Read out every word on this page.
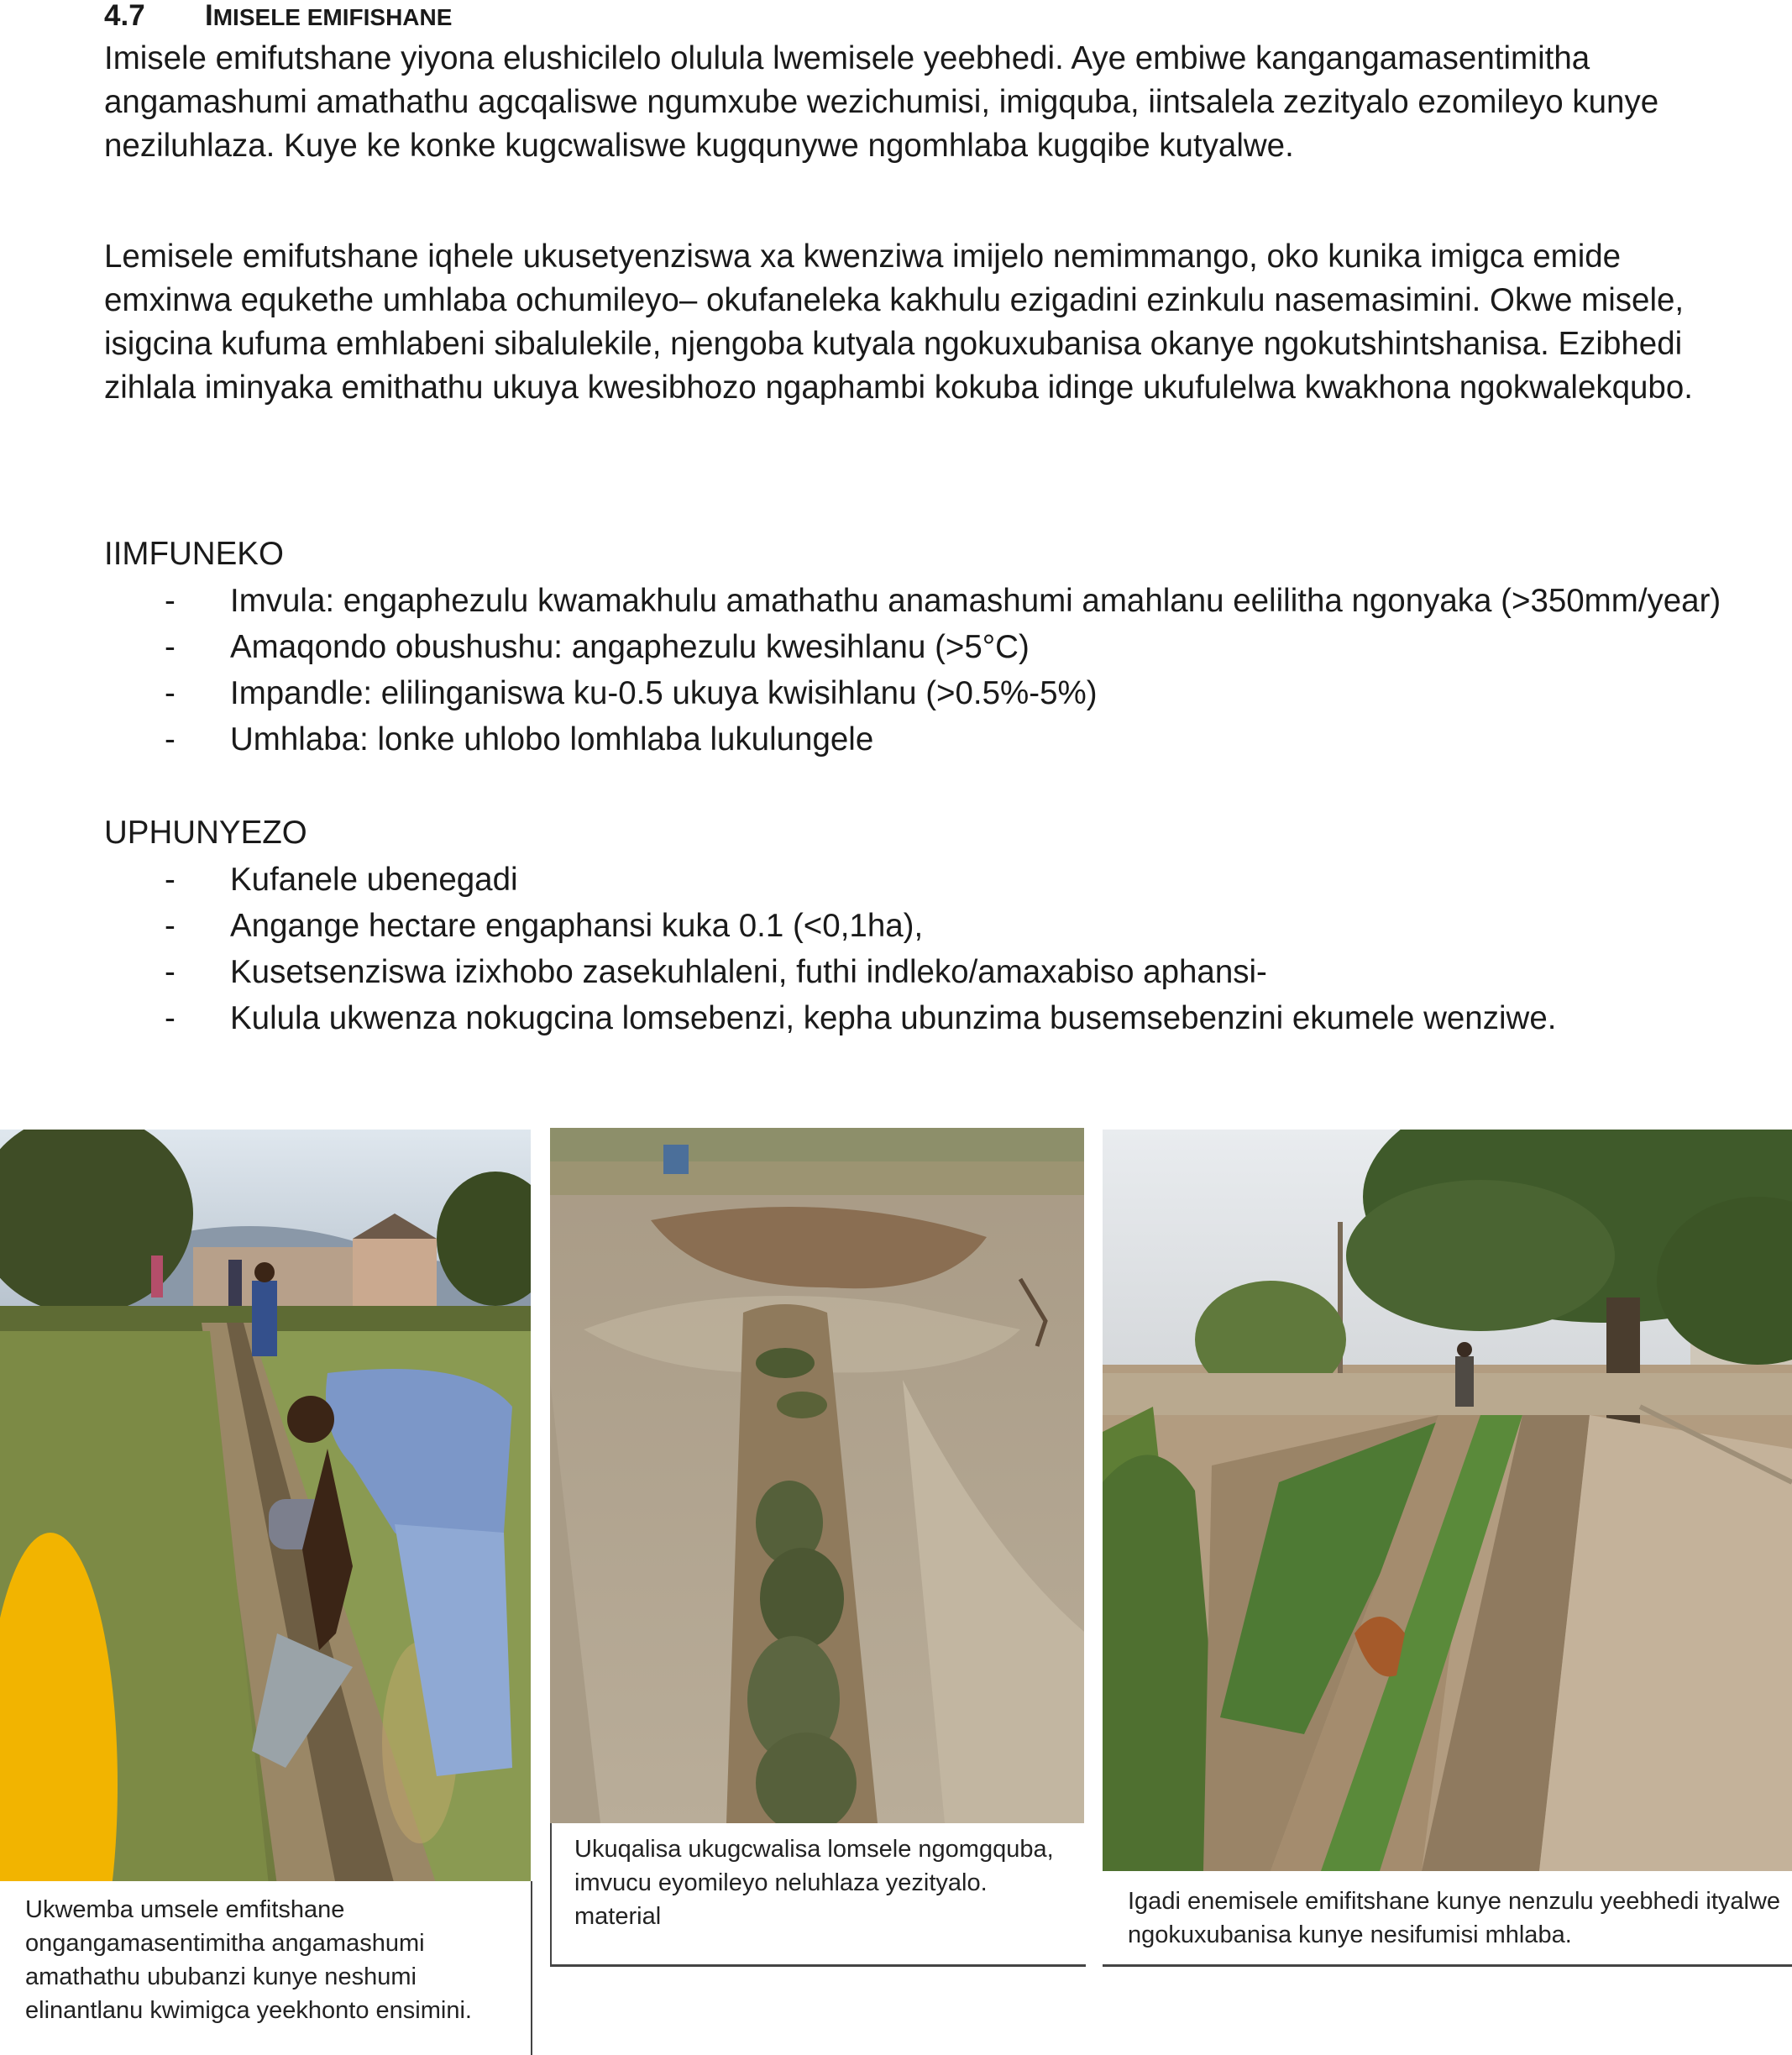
4.7 IMISELE EMIFISHANE

Imisele emifutshane yiyona elushicilelo olulula lwemisele yeebhedi. Aye embiwe kangangamasentimitha angamashumi amathathu agcqaliswe ngumxube wezichumisi, imigquba, iintsalela zezityalo ezomileyo kunye neziluhlaza. Kuye ke konke kugcwaliswe kugqunywe ngomhlaba kugqibe kutyalwe.

Lemisele emifutshane iqhele ukusetyenziswa xa kwenziwa imijelo nemimmango, oko kunika imigca emide emxinwa equkethe umhlaba ochumileyo– okufaneleka kakhulu ezigadini ezinkulu nasemasimini. Okwe misele, isigcina kufuma emhlabeni sibalulekile, njengoba kutyala ngokuxubanisa okanye ngokutshintshanisa. Ezibhedi zihlala iminyaka emithathu ukuya kwesibhozo ngaphambi kokuba idinge ukufulelwa kwakhona ngokwalekqubo.

IIMFUNEKO

- Imvula: engaphezulu kwamakhulu amathathu anamashumi amahlanu eelilitha ngonyaka (>350mm/year)
- Amaqondo obushushu: angaphezulu kwesihlanu (>5°C)
- Impandle: elilinganiswa ku-0.5 ukuya kwisihlanu (>0.5%-5%)
- Umhlaba: lonke uhlobo lomhlaba lukulungele

UPHUNYEZO

- Kufanele ubenegadi
- Angange hectare engaphansi kuka 0.1 (<0,1ha),
- Kusetsenziswa izixhobo zasekuhlaleni, futhi indleko/amaxabiso aphansi-
- Kulula ukwenza nokugcina lomsebenzi, kepha ubunzima busemsebenzini ekumele wenziwe.

Ukwemba umsele emfitshane ongangamasentimitha angamashumi amathathu ububanzi kunye neshumi elinantlanu kwimigca yeekhonto ensimini.

Ukuqalisa ukugcwalisa lomsele ngomgquba, imvucu eyomileyo neluhlaza yezityalo. material

Igadi enemisele emifitshane kunye nenzulu yeebhedi ityalwe ngokuxubanisa kunye nesifumisi mhlaba.
